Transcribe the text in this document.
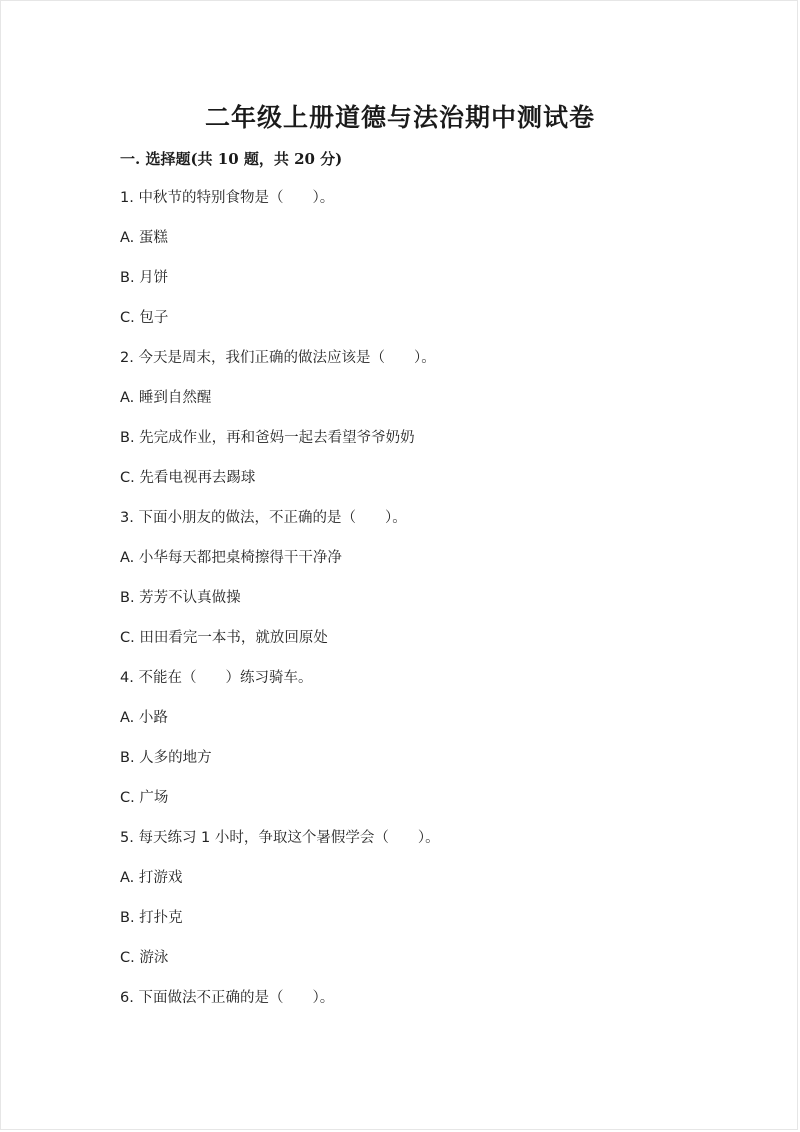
二年级上册道德与法治期中测试卷
一. 选择题(共 10 题，共 20 分)
1. 中秋节的特别食物是（　　）。
A. 蛋糕
B. 月饼
C. 包子
2. 今天是周末，我们正确的做法应该是（　　）。
A. 睡到自然醒
B. 先完成作业，再和爸妈一起去看望爷爷奶奶
C. 先看电视再去踢球
3. 下面小朋友的做法，不正确的是（　　）。
A. 小华每天都把桌椅擦得干干净净
B. 芳芳不认真做操
C. 田田看完一本书，就放回原处
4. 不能在（　　）练习骑车。
A. 小路
B. 人多的地方
C. 广场
5. 每天练习 1 小时，争取这个暑假学会（　　）。
A. 打游戏
B. 打扑克
C. 游泳
6. 下面做法不正确的是（　　）。
